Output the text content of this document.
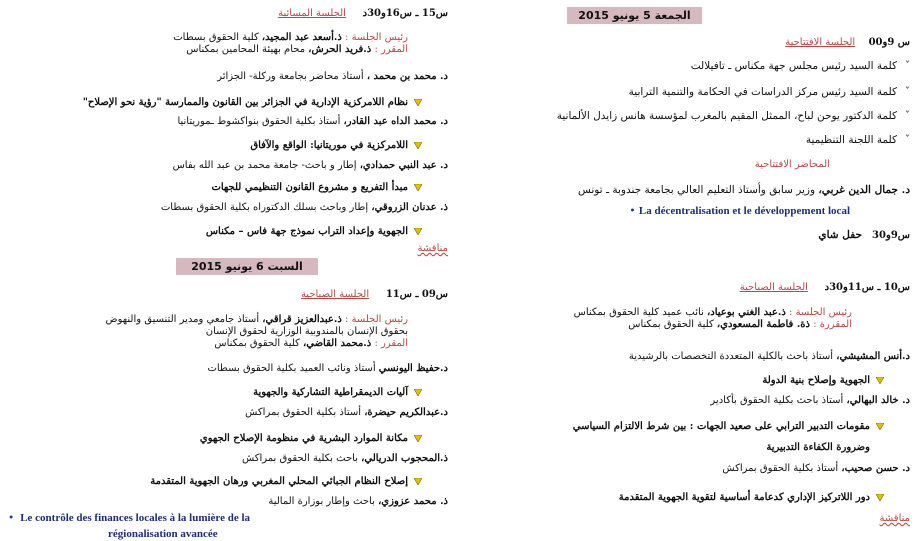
الجمعة 5 يونيو 2015
س 9و00    الجلسة الافتتاحية
ˇكلمة السيد رئيس مجلس جهة مكناس ـ تافيلالت
ˇكلمة السيد رئيس مركز الدراسات في الحكامة والتنمية الترابية
ˇكلمة الدكتور يوحن لباح، الممثل المقيم بالمغرب لمؤسسة هانس زايدل الألمانية
ˇكلمة اللجنة التنظيمية
المحاضر الافتتاحية
د. جمال الدين غربي، وزير سابق وأستاذ التعليم العالي بجامعة جندوبة ـ تونس
La décentralisation et le développement local •
س9و30   حفل شاي
س10 ـ س11و30د     الجلسة الصباحية
رئيس الجلسة : ذ.عبد الغني بوعياد، نائب عميد كلية الحقوق بمكناس
المقررة : ذة. فاطمة المسعودي، كلية الحقوق بمكناس
د.أنس المشيشي، أستاذ باحث بالكلية المتعددة التخصصات بالرشيدية
الجهوية وإصلاح بنية الدولة
د. خالد البهالي، أستاذ باحث بكلية الحقوق بأكادير
مقومات التدبير الترابي على صعيد الجهات : بين شرط الالتزام السياسي
وضرورة الكفاءة التدبيرية
د. حسن صحيب، أستاذ بكلية الحقوق بمراكش
دور اللاتركيز الإداري كدعامة أساسية لتقوية الجهوية المتقدمة
مناقشة
س15 ـ س16و30د     الجلسة المسائية
رئيس الجلسة : ذ.أسعد عبد المجيد، كلية الحقوق بسطات
المقرر : ذ.فريد الحرش، محام بهيئة المحامين بمكناس
د. محمد بن محمد ، أستاذ محاضر بجامعة وركلة- الجزائر
نظام اللامركزية الإدارية في الجزائر بين القانون والممارسة "رؤية نحو الإصلاح"
د. محمد الداه عبد القادر، أستاذ بكلية الحقوق بنواكشوط ـموريتانيا
اللامركزية في موريتانيا: الواقع والآفاق
د. عبد النبي حمدادي، إطار و باحث- جامعة محمد بن عبد الله بفاس
مبدأ التفريع و مشروع القانون التنظيمي للجهات
ذ. عدنان الزروقي، إطار وباحث بسلك الدكتوراه بكلية الحقوق بسطات
الجهوية وإعداد التراب نموذج جهة فاس – مكناس
مناقشة
السبت 6 يونيو 2015
س09 ـ س11     الجلسة الصباحية
رئيس الجلسة : ذ.عبدالعزيز قراقي، أستاذ جامعي ومدير التنسيق والنهوض
بحقوق الإنسان بالمندوبية الوزارية لحقوق الإنسان
المقرر : ذ.محمد القاضي، كلية الحقوق بمكناس
د.حفيظ اليونسي أستاذ ونائب العميد بكلية الحقوق بسطات
آليات الديمقراطية التشاركية والجهوية
د.عبدالكريم حيضرة، أستاذ بكلية الحقوق بمراكش
مكانة الموارد البشرية في منظومة الإصلاح الجهوي
ذ.المحجوب الدريالي، باحث بكلية الحقوق بمراكش
إصلاح النظام الجبائي المحلي المغربي ورهان الجهوية المتقدمة
ذ. محمد عزوزي، باحث وإطار بوزارة المالية
• Le contrôle des finances locales à la lumière de la
régionalisation avancée
